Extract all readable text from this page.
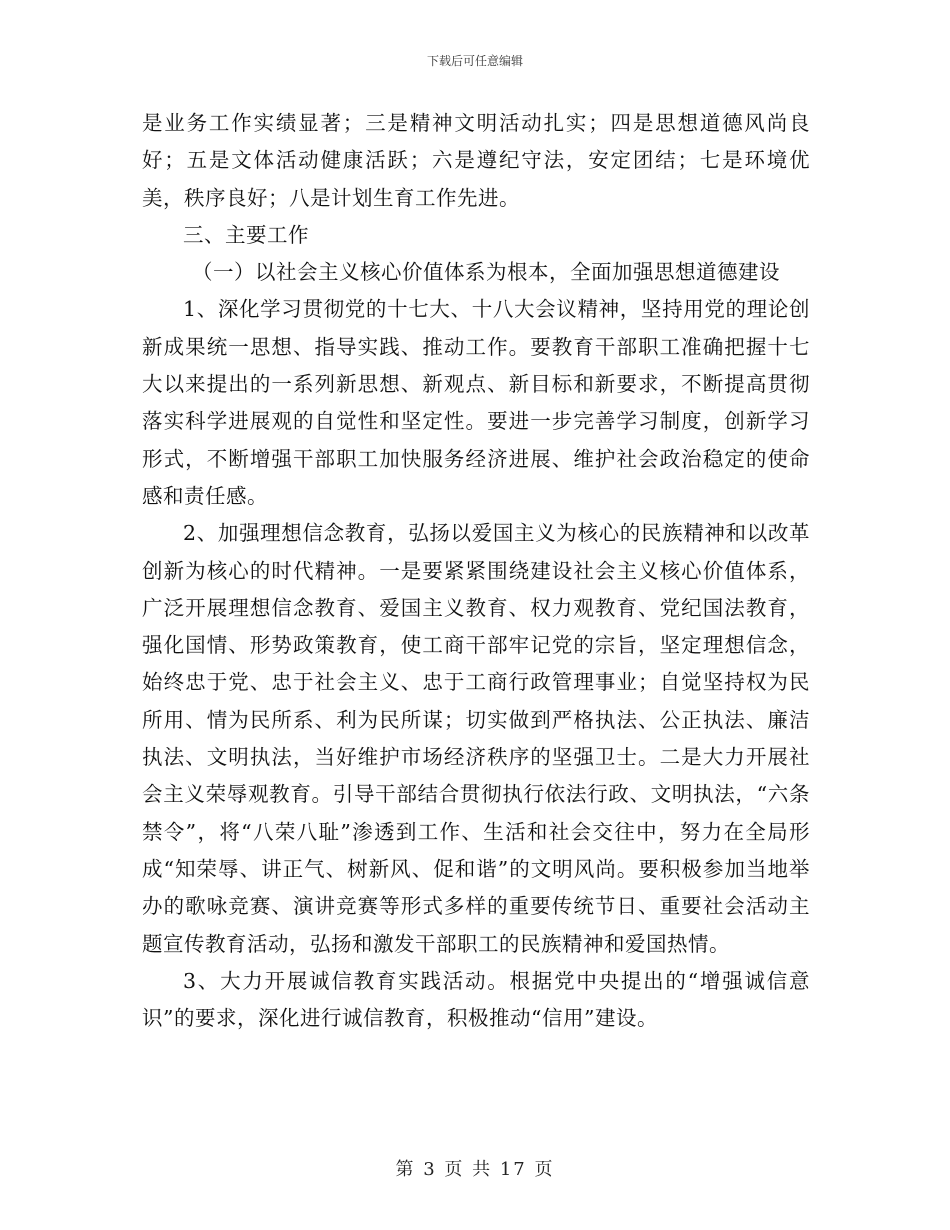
下载后可任意编辑

是业务工作实绩显著；三是精神文明活动扎实；四是思想道德风尚良好；五是文体活动健康活跃；六是遵纪守法，安定团结；七是环境优美，秩序良好；八是计划生育工作先进。

三、主要工作

（一）以社会主义核心价值体系为根本，全面加强思想道德建设

1、深化学习贯彻党的十七大、十八大会议精神，坚持用党的理论创新成果统一思想、指导实践、推动工作。要教育干部职工准确把握十七大以来提出的一系列新思想、新观点、新目标和新要求，不断提高贯彻落实科学进展观的自觉性和坚定性。要进一步完善学习制度，创新学习形式，不断增强干部职工加快服务经济进展、维护社会政治稳定的使命感和责任感。

2、加强理想信念教育，弘扬以爱国主义为核心的民族精神和以改革创新为核心的时代精神。一是要紧紧围绕建设社会主义核心价值体系，广泛开展理想信念教育、爱国主义教育、权力观教育、党纪国法教育，强化国情、形势政策教育，使工商干部牢记党的宗旨，坚定理想信念，始终忠于党、忠于社会主义、忠于工商行政管理事业；自觉坚持权为民所用、情为民所系、利为民所谋；切实做到严格执法、公正执法、廉洁执法、文明执法，当好维护市场经济秩序的坚强卫士。二是大力开展社会主义荣辱观教育。引导干部结合贯彻执行依法行政、文明执法，“六条禁令”，将“八荣八耻”渗透到工作、生活和社会交往中，努力在全局形成“知荣辱、讲正气、树新风、促和谐”的文明风尚。要积极参加当地举办的歌咏竞赛、演讲竞赛等形式多样的重要传统节日、重要社会活动主题宣传教育活动，弘扬和激发干部职工的民族精神和爱国热情。

3、大力开展诚信教育实践活动。根据党中央提出的“增强诚信意识”的要求，深化进行诚信教育，积极推动“信用”建设。

第 3 页 共 17 页
